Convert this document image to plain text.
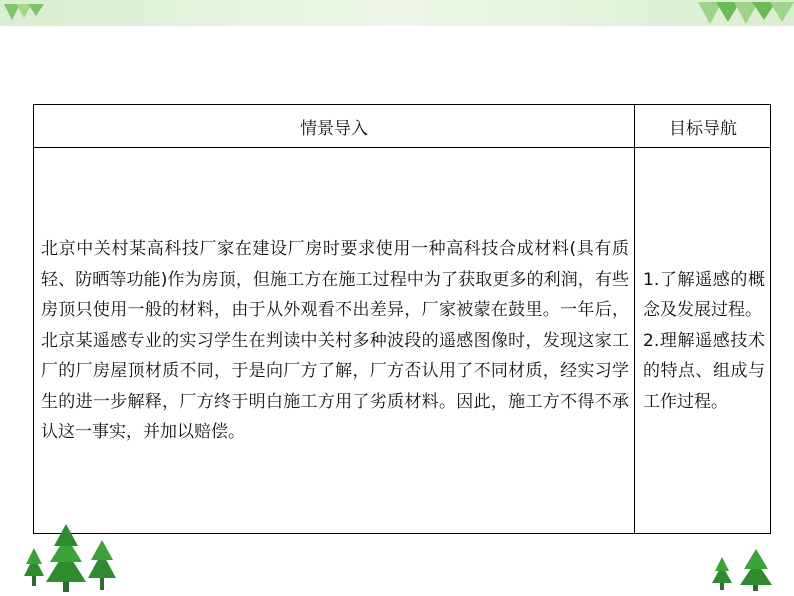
情景导入	目标导航

北京中关村某高科技厂家在建设厂房时要求使用一种高科技合成材料(具有质轻、防晒等功能)作为房顶，但施工方在施工过程中为了获取更多的利润，有些房顶只使用一般的材料，由于从外观看不出差异，厂家被蒙在鼓里。一年后，北京某遥感专业的实习学生在判读中关村多种波段的遥感图像时，发现这家工厂的厂房屋顶材质不同，于是向厂方了解，厂方否认用了不同材质，经实习学生的进一步解释，厂方终于明白施工方用了劣质材料。因此，施工方不得不承认这一事实，并加以赔偿。

1.了解遥感的概念及发展过程。

2.理解遥感技术的特点、组成与工作过程。
